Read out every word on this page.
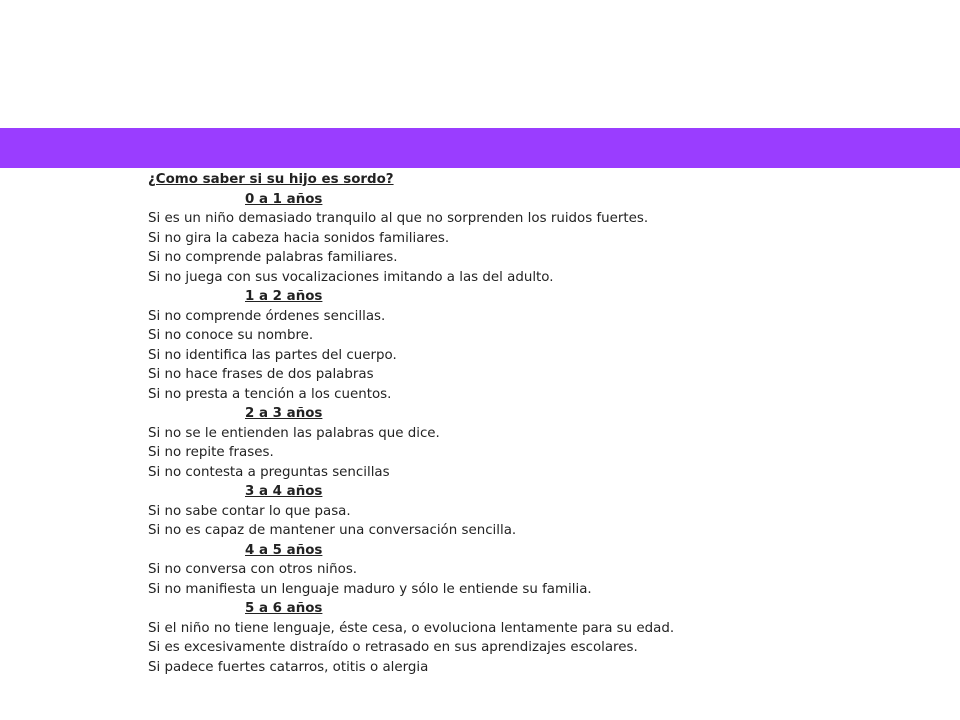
¿Como saber si su hijo es sordo?

0 a 1 años

Si es un niño demasiado tranquilo al que no sorprenden los ruidos fuertes.

Si no gira la cabeza hacia sonidos familiares.

Si no comprende palabras familiares.

Si no juega con sus vocalizaciones imitando a las del adulto.

1 a 2 años

Si no comprende órdenes sencillas.

Si no conoce su nombre.

Si no identifica las partes del cuerpo.

Si no hace frases de dos palabras

Si no presta a tención a los cuentos.

2 a 3 años

Si no se le entienden las palabras que dice.

Si no repite frases.

Si no contesta a preguntas sencillas

3 a 4 años

Si no sabe contar lo que pasa.

Si no es capaz de mantener una conversación sencilla.

4 a 5 años

Si no conversa con otros niños.

Si no manifiesta un lenguaje maduro y sólo le entiende su familia.

5 a 6 años

Si el niño no tiene lenguaje, éste cesa, o evoluciona lentamente para su edad.

Si es excesivamente distraído o retrasado en sus aprendizajes escolares.

Si padece fuertes catarros, otitis o alergia
